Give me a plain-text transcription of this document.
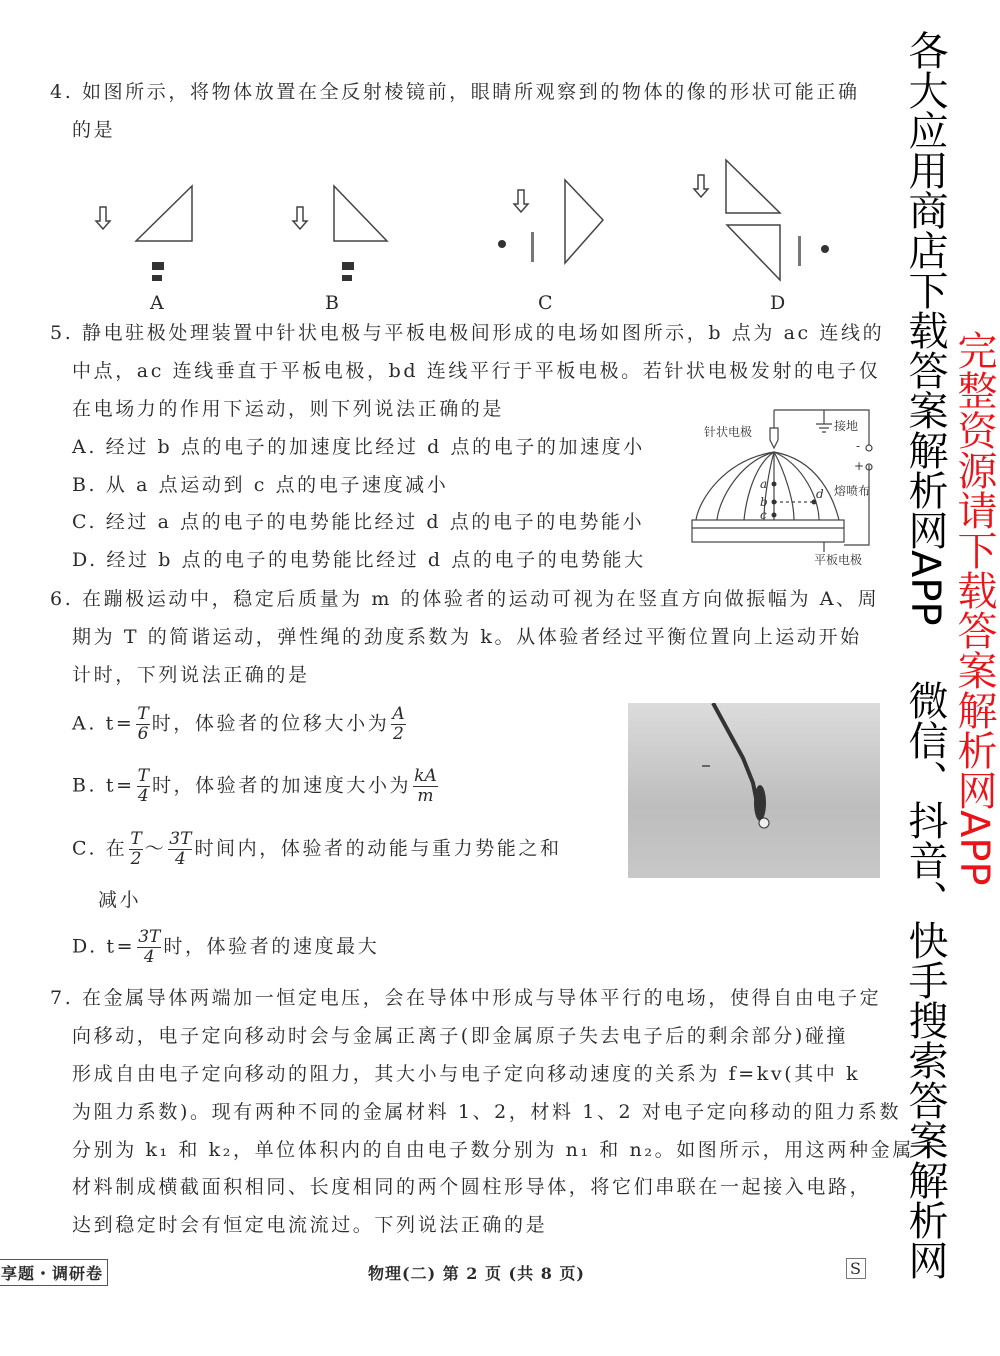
4. 如图所示，将物体放置在全反射棱镜前，眼睛所观察到的物体的像的形状可能正确
的是
A	B	C	D
5. 静电驻极处理装置中针状电极与平板电极间形成的电场如图所示，b 点为 ac 连线的
中点，ac 连线垂直于平板电极，bd 连线平行于平板电极。若针状电极发射的电子仅
在电场力的作用下运动，则下列说法正确的是
A. 经过 b 点的电子的加速度比经过 d 点的电子的加速度小
B. 从 a 点运动到 c 点的电子速度减小
C. 经过 a 点的电子的电势能比经过 d 点的电子的电势能小
D. 经过 b 点的电子的电势能比经过 d 点的电子的电势能大
针状电极	接地
熔喷布
平板电极
-
+
a
b
c
d
6. 在蹦极运动中，稳定后质量为 m 的体验者的运动可视为在竖直方向做振幅为 A、周
期为 T 的简谐运动，弹性绳的劲度系数为 k。从体验者经过平衡位置向上运动开始
计时，下列说法正确的是
A. $t= \frac{T}{6}$ 时，体验者的位移大小为 $\frac{A}{2}$
B. $t= \frac{T}{4}$ 时，体验者的加速度大小为 $\frac{kA}{m}$
C. 在 $\frac{T}{2}$ ～ $\frac{3T}{4}$ 时间内，体验者的动能与重力势能之和
减小
D. $t= \frac{3T}{4}$ 时，体验者的速度最大
7. 在金属导体两端加一恒定电压，会在导体中形成与导体平行的电场，使得自由电子定
向移动，电子定向移动时会与金属正离子(即金属原子失去电子后的剩余部分)碰撞
形成自由电子定向移动的阻力，其大小与电子定向移动速度的关系为 f=kv(其中 k
为阻力系数)。现有两种不同的金属材料 1、2，材料 1、2 对电子定向移动的阻力系数
分别为 k₁ 和 k₂，单位体积内的自由电子数分别为 n₁ 和 n₂。如图所示，用这两种金属
材料制成横截面积相同、长度相同的两个圆柱形导体，将它们串联在一起接入电路，
达到稳定时会有恒定电流流过。下列说法正确的是
享题・调研卷	物理(二) 第 2 页 (共 8 页)	S
各大应用商店下载答案解析网APP 完整资源请下载答案解析网APP
微信、抖音、快手搜索答案解析网
